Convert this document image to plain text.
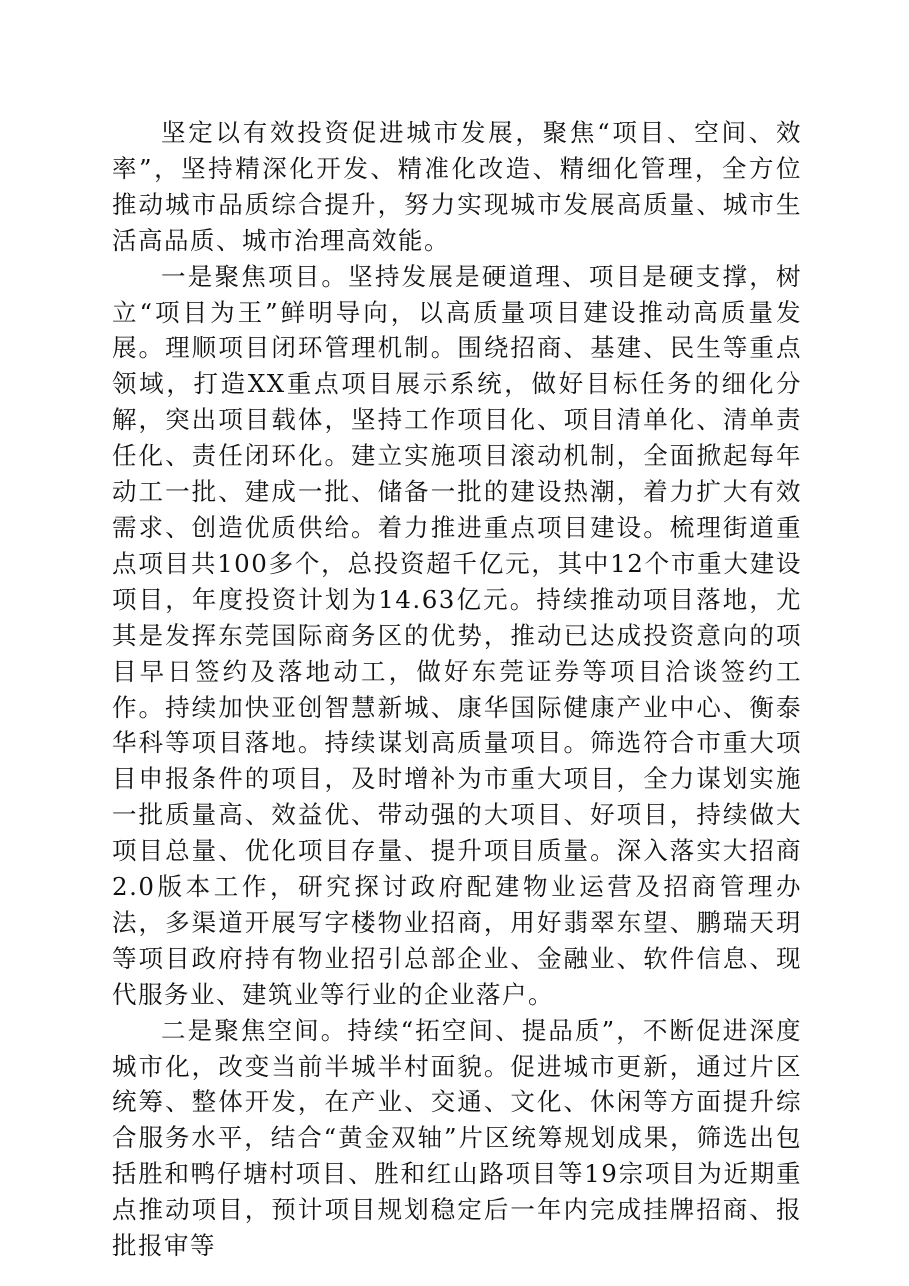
坚定以有效投资促进城市发展，聚焦“项目、空间、效率”，坚持精深化开发、精准化改造、精细化管理，全方位推动城市品质综合提升，努力实现城市发展高质量、城市生活高品质、城市治理高效能。

一是聚焦项目。坚持发展是硬道理、项目是硬支撑，树立“项目为王”鲜明导向，以高质量项目建设推动高质量发展。理顺项目闭环管理机制。围绕招商、基建、民生等重点领域，打造XX重点项目展示系统，做好目标任务的细化分解，突出项目载体，坚持工作项目化、项目清单化、清单责任化、责任闭环化。建立实施项目滚动机制，全面掀起每年动工一批、建成一批、储备一批的建设热潮，着力扩大有效需求、创造优质供给。着力推进重点项目建设。梳理街道重点项目共100多个，总投资超千亿元，其中12个市重大建设项目，年度投资计划为14.63亿元。持续推动项目落地，尤其是发挥东莞国际商务区的优势，推动已达成投资意向的项目早日签约及落地动工，做好东莞证券等项目洽谈签约工作。持续加快亚创智慧新城、康华国际健康产业中心、衡泰华科等项目落地。持续谋划高质量项目。筛选符合市重大项目申报条件的项目，及时增补为市重大项目，全力谋划实施一批质量高、效益优、带动强的大项目、好项目，持续做大项目总量、优化项目存量、提升项目质量。深入落实大招商2.0版本工作，研究探讨政府配建物业运营及招商管理办法，多渠道开展写字楼物业招商，用好翡翠东望、鹏瑞天玥等项目政府持有物业招引总部企业、金融业、软件信息、现代服务业、建筑业等行业的企业落户。

二是聚焦空间。持续“拓空间、提品质”，不断促进深度城市化，改变当前半城半村面貌。促进城市更新，通过片区统筹、整体开发，在产业、交通、文化、休闲等方面提升综合服务水平，结合“黄金双轴”片区统筹规划成果，筛选出包括胜和鸭仔塘村项目、胜和红山路项目等19宗项目为近期重点推动项目，预计项目规划稳定后一年内完成挂牌招商、报批报审等
